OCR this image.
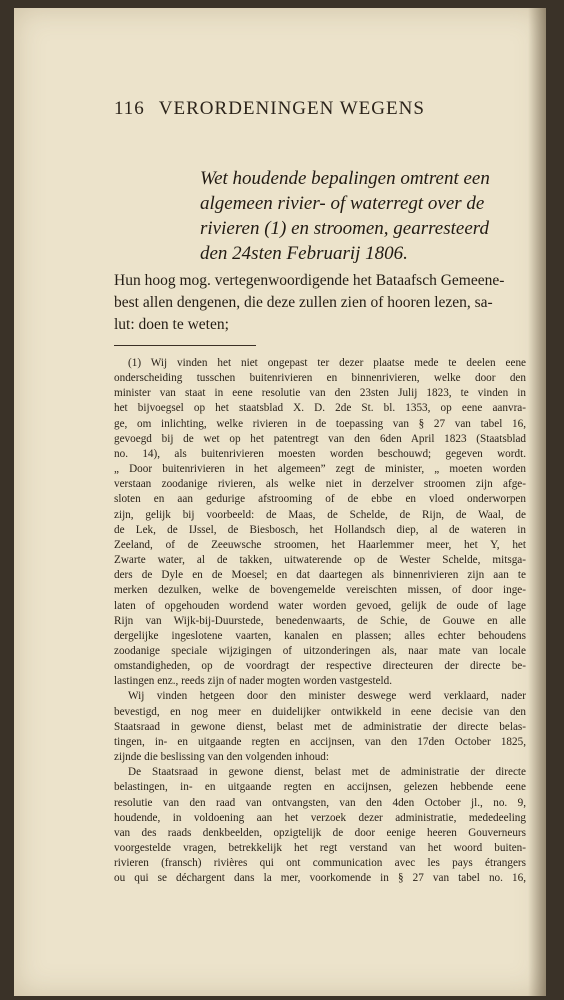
116 VERORDENINGEN WEGENS
Wet houdende bepalingen omtrent een
algemeen rivier- of waterregt over de
rivieren (1) en stroomen, gearresteerd
den 24sten Februarij 1806.
Hun hoog mog. vertegenwoordigende het Bataafsch Gemeene-
best allen dengenen, die deze zullen zien of hooren lezen, sa-
lut: doen te weten;
(1) Wij vinden het niet ongepast ter dezer plaatse mede te deelen eene
onderscheiding tusschen buitenrivieren en binnenrivieren, welke door den
minister van staat in eene resolutie van den 23sten Julij 1823, te vinden in
het bijvoegsel op het staatsblad X. D. 2de St. bl. 1353, op eene aanvra-
ge, om inlichting, welke rivieren in de toepassing van § 27 van tabel 16,
gevoegd bij de wet op het patentregt van den 6den April 1823 (Staatsblad
no. 14), als buitenrivieren moesten worden beschouwd; gegeven wordt.
„ Door buitenrivieren in het algemeen” zegt de minister, „ moeten worden
verstaan zoodanige rivieren, als welke niet in derzelver stroomen zijn afge-
sloten en aan gedurige afstrooming of de ebbe en vloed onderworpen
zijn, gelijk bij voorbeeld: de Maas, de Schelde, de Rijn, de Waal, de
de Lek, de IJssel, de Biesbosch, het Hollandsch diep, al de wateren in
Zeeland, of de Zeeuwsche stroomen, het Haarlemmer meer, het Y, het
Zwarte water, al de takken, uitwaterende op de Wester Schelde, mitsga-
ders de Dyle en de Moesel; en dat daartegen als binnenrivieren zijn aan te
merken dezulken, welke de bovengemelde vereischten missen, of door inge-
laten of opgehouden wordend water worden gevoed, gelijk de oude of lage
Rijn van Wijk-bij-Duurstede, benedenwaarts, de Schie, de Gouwe en alle
dergelijke ingeslotene vaarten, kanalen en plassen; alles echter behoudens
zoodanige speciale wijzigingen of uitzonderingen als, naar mate van locale
omstandigheden, op de voordragt der respective directeuren der directe be-
lastingen enz., reeds zijn of nader mogten worden vastgesteld.
Wij vinden hetgeen door den minister deswege werd verklaard, nader
bevestigd, en nog meer en duidelijker ontwikkeld in eene decisie van den
Staatsraad in gewone dienst, belast met de administratie der directe belas-
tingen, in- en uitgaande regten en accijnsen, van den 17den October 1825,
zijnde die beslissing van den volgenden inhoud:
De Staatsraad in gewone dienst, belast met de administratie der directe
belastingen, in- en uitgaande regten en accijnsen, gelezen hebbende eene
resolutie van den raad van ontvangsten, van den 4den October jl., no. 9,
houdende, in voldoening aan het verzoek dezer administratie, mededeeling
van des raads denkbeelden, opzigtelijk de door eenige heeren Gouverneurs
voorgestelde vragen, betrekkelijk het regt verstand van het woord buiten-
rivieren (fransch) rivières qui ont communication avec les pays étrangers
ou qui se déchargent dans la mer, voorkomende in § 27 van tabel no. 16,
